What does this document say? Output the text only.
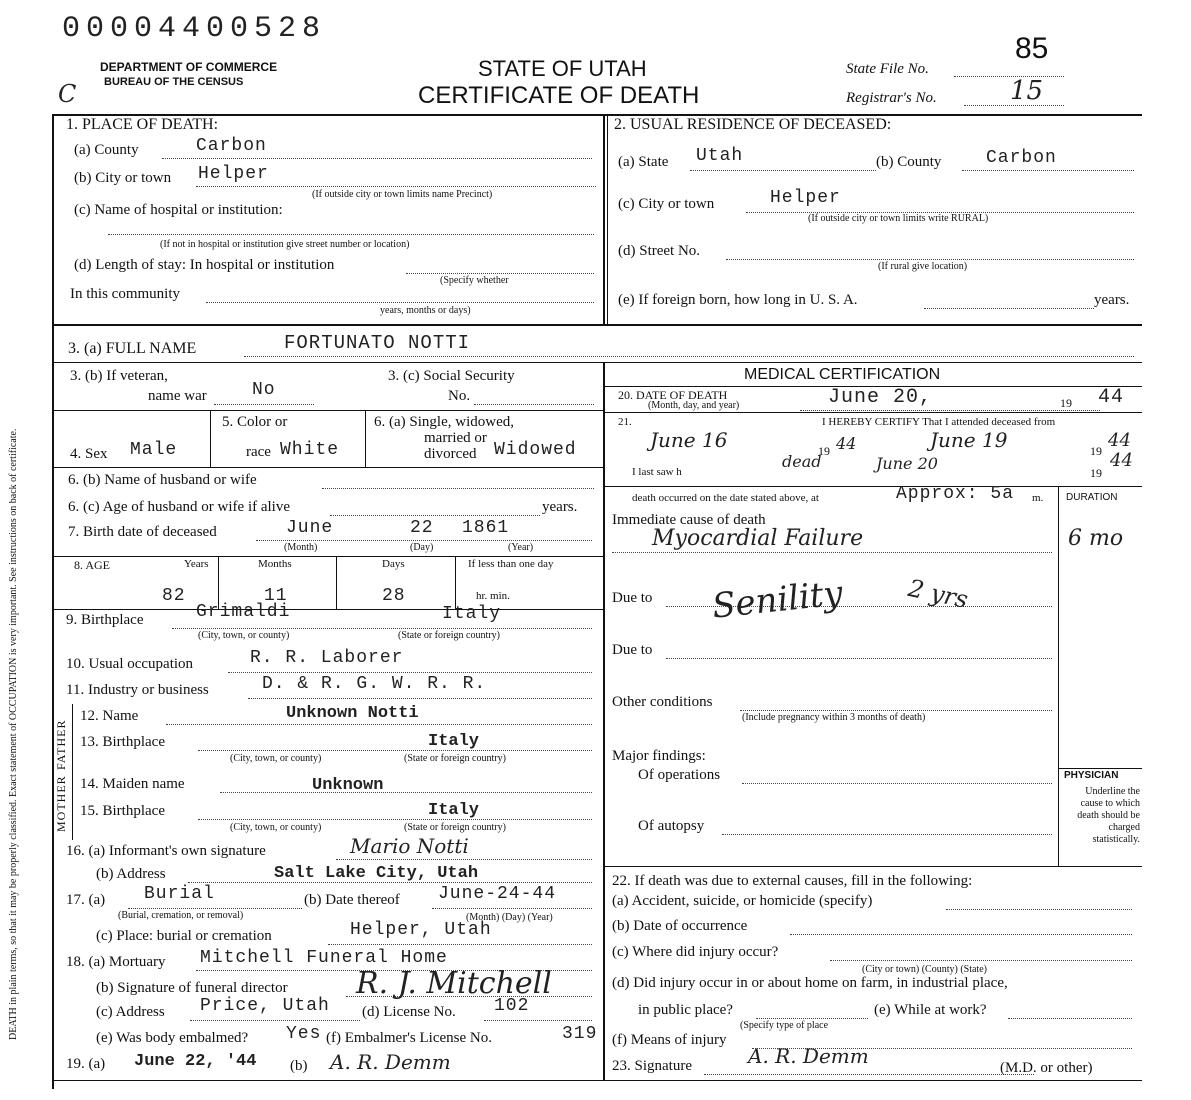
00004400528
DEPARTMENT OF COMMERCE
BUREAU OF THE CENSUS
C
STATE OF UTAH
CERTIFICATE OF DEATH
State File No.
85
Registrar's No.	15
DEATH in plain terms, so that it may be properly classified. Exact statement of OCCUPATION is very important. See instructions on back of certificate.
1. PLACE OF DEATH:
(a) County	Carbon
(b) City or town Helper
(If outside city or town limits name Precinct)
(c) Name of hospital or institution:
(If not in hospital or institution give street number or location)
(d) Length of stay: In hospital or institution
(Specify whether
In this community
years, months or days)
2. USUAL RESIDENCE OF DECEASED:
(a) State Utah	(b) County Carbon
(c) City or town	Helper
(If outside city or town limits write RURAL)
(d) Street No.
(If rural give location)
(e) If foreign born, how long in U. S. A.	years.
3. (a) FULL NAME	FORTUNATO NOTTI
3. (b) If veteran,
name war	No
3. (c) Social Security
No.
4. Sex Male
5. Color or
race White
6. (a) Single, widowed,
married or
divorced Widowed
6. (b) Name of husband or wife
6. (c) Age of husband or wife if alive	years.
7. Birth date of deceased	June	22 1861
(Month)	(Day)	(Year)
8. AGE	Years	Months	Days	If less than one day
82	11	28	hr. min.
9. Birthplace	Grimaldi	Italy
(City, town, or county)	(State or foreign country)
10. Usual occupation	R. R. Laborer
11. Industry or business	D. & R. G. W. R. R.
FATHER
MOTHER
12. Name	Unknown Notti
13. Birthplace	Italy
(City, town, or county)	(State or foreign country)
14. Maiden name	Unknown
15. Birthplace	Italy
(City, town, or county)	(State or foreign country)
16. (a) Informant's own signature	Mario Notti
(b) Address	Salt Lake City, Utah
17. (a) Burial
(Burial, cremation, or removal)
(b) Date thereof June-24-44
(Month) (Day) (Year)
(c) Place: burial or cremation	Helper, Utah
18. (a) Mortuary Mitchell Funeral Home
(b) Signature of funeral director R. J. Mitchell
(c) Address Price, Utah (d) License No. 102
(e) Was body embalmed? Yes (f) Embalmer's License No.	319
19. (a) June 22, '44 (b) A. R. Demm
MEDICAL CERTIFICATION
20. DATE OF DEATH
(Month, day, and year)	June 20,	19 44
21.	I HEREBY CERTIFY That I attended deceased from
June 16	19 44	June 19	19 44
I last saw h
dead	June 20	19
44
death occurred on the date stated above, at	Approx: 5a m. DURATION
Immediate cause of death
Myocardial Failure	6 mo
Due to Senility	2 yrs
Due to
Other conditions
(Include pregnancy within 3 months of death)
Major findings:
Of operations
Of autopsy
PHYSICIAN
Underline the cause to which death should be charged statistically.
22. If death was due to external causes, fill in the following:
(a) Accident, suicide, or homicide (specify)
(b) Date of occurrence
(c) Where did injury occur?
(City or town) (County) (State)
(d) Did injury occur in or about home on farm, in industrial place,
in public place?	(e) While at work?
(Specify type of place
(f) Means of injury
23. Signature	A. R. Demm	(M.D. or other)
